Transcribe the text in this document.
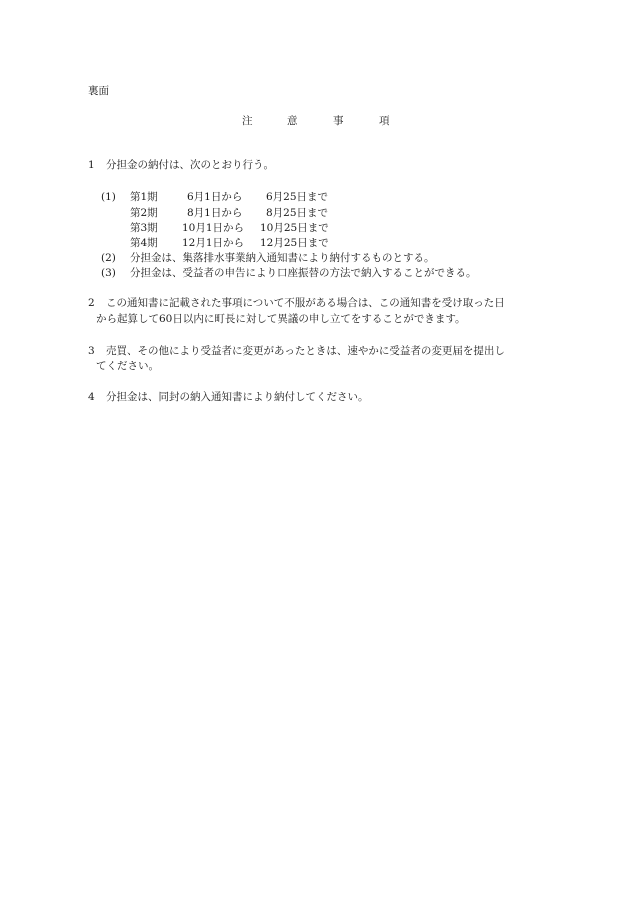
裏面
注	意	事	項
1 分担金の納付は、次のとおり行う。
(1) 第1期	6月1日から 6月25日まで
第2期	8月1日から 8月25日まで
第3期 10月1日から 10月25日まで
第4期 12月1日から 12月25日まで
(2) 分担金は、集落排水事業納入通知書により納付するものとする。
(3) 分担金は、受益者の申告により口座振替の方法で納入することができる。
2 この通知書に記載された事項について不服がある場合は、この通知書を受け取った日
から起算して60日以内に町長に対して異議の申し立てをすることができます。
3 売買、その他により受益者に変更があったときは、速やかに受益者の変更届を提出し
てください。
4 分担金は、同封の納入通知書により納付してください。
